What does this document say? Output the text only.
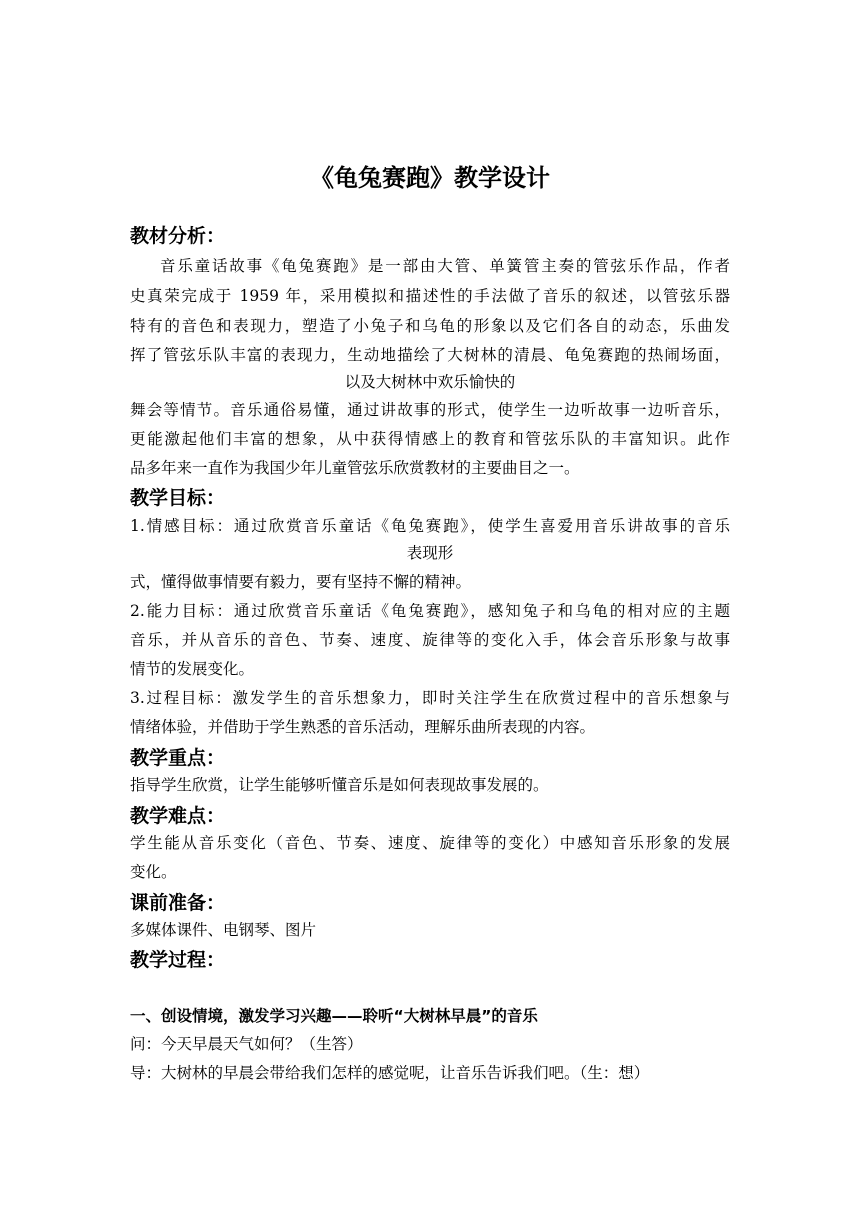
《龟兔赛跑》教学设计
教材分析：
音乐童话故事《龟兔赛跑》是一部由大管、单簧管主奏的管弦乐作品，作者
史真荣完成于 1959 年，采用模拟和描述性的手法做了音乐的叙述，以管弦乐器
特有的音色和表现力，塑造了小兔子和乌龟的形象以及它们各自的动态，乐曲发
挥了管弦乐队丰富的表现力，生动地描绘了大树林的清晨、龟兔赛跑的热闹场面，
以及大树林中欢乐愉快的
舞会等情节。音乐通俗易懂，通过讲故事的形式，使学生一边听故事一边听音乐，
更能激起他们丰富的想象，从中获得情感上的教育和管弦乐队的丰富知识。此作
品多年来一直作为我国少年儿童管弦乐欣赏教材的主要曲目之一。
教学目标：
1.情感目标：通过欣赏音乐童话《龟兔赛跑》，使学生喜爱用音乐讲故事的音乐
表现形
式，懂得做事情要有毅力，要有坚持不懈的精神。
2.能力目标：通过欣赏音乐童话《龟兔赛跑》，感知兔子和乌龟的相对应的主题
音乐，并从音乐的音色、节奏、速度、旋律等的变化入手，体会音乐形象与故事
情节的发展变化。
3.过程目标：激发学生的音乐想象力，即时关注学生在欣赏过程中的音乐想象与
情绪体验，并借助于学生熟悉的音乐活动，理解乐曲所表现的内容。
教学重点：
指导学生欣赏，让学生能够听懂音乐是如何表现故事发展的。
教学难点：
学生能从音乐变化（音色、节奏、速度、旋律等的变化）中感知音乐形象的发展
变化。
课前准备：
多媒体课件、电钢琴、图片
教学过程：
一、创设情境，激发学习兴趣——聆听“大树林早晨”的音乐
问：今天早晨天气如何？（生答）
导：大树林的早晨会带给我们怎样的感觉呢，让音乐告诉我们吧。（生：想）
